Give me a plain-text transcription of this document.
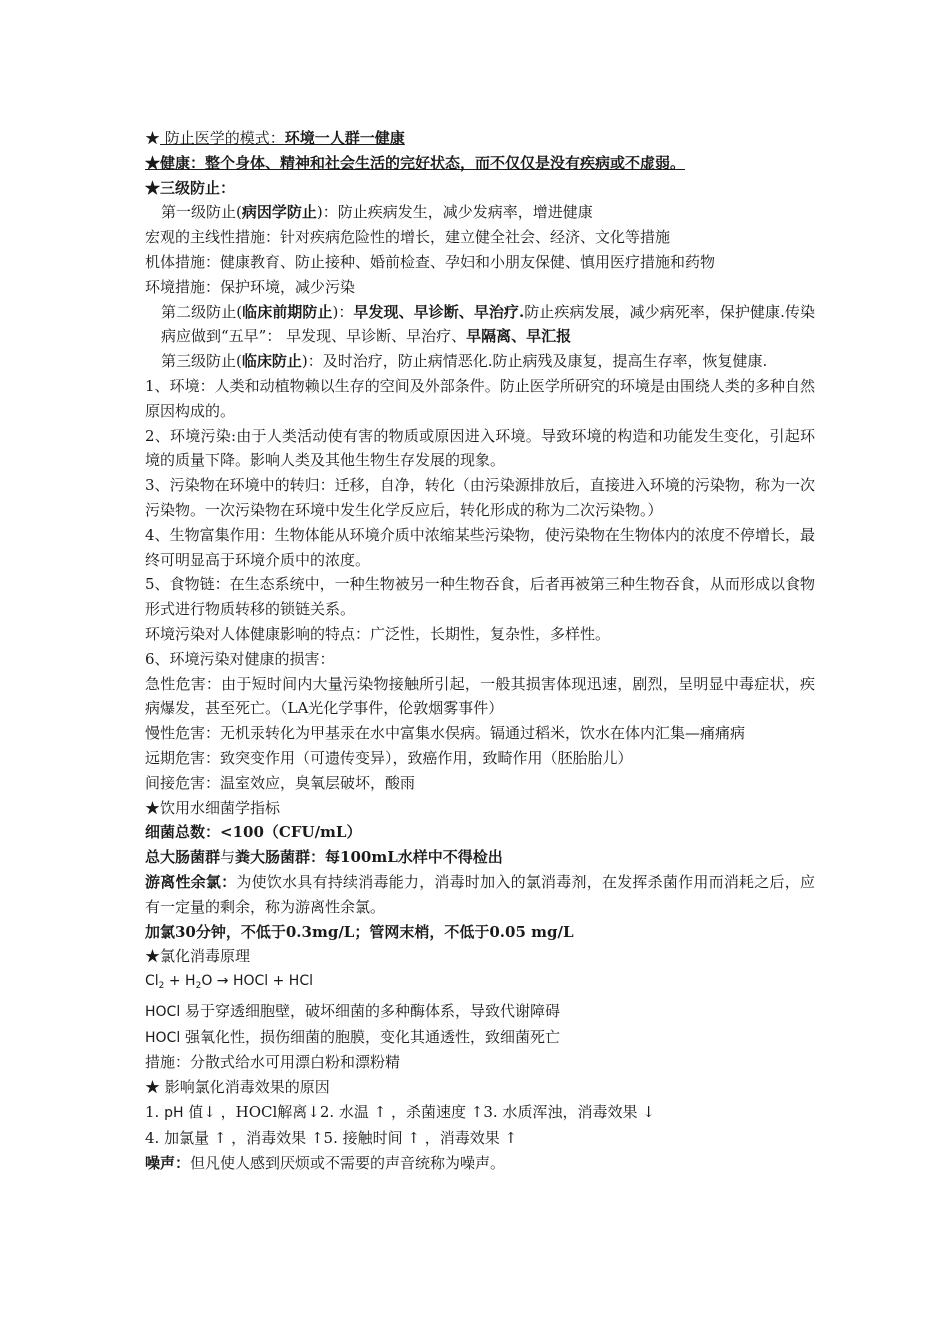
★ 防止医学的模式：环境一人群一健康
★健康：整个身体、精神和社会生活的完好状态，而不仅仅是没有疾病或不虚弱。
★三级防止：
第一级防止(病因学防止)：防止疾病发生，减少发病率，增进健康
宏观的主线性措施：针对疾病危险性的增长，建立健全社会、经济、文化等措施
机体措施：健康教育、防止接种、婚前检查、孕妇和小朋友保健、慎用医疗措施和药物
环境措施：保护环境，减少污染
第二级防止(临床前期防止)：早发现、早诊断、早治疗.防止疾病发展，减少病死率，保护健康.传染病应做到“五早”： 早发现、早诊断、早治疗、早隔离、早汇报
第三级防止(临床防止)：及时治疗，防止病情恶化.防止病残及康复，提高生存率，恢复健康.
1、环境：人类和动植物赖以生存的空间及外部条件。防止医学所研究的环境是由围绕人类的多种自然原因构成的。
2、环境污染:由于人类活动使有害的物质或原因进入环境。导致环境的构造和功能发生变化，引起环境的质量下降。影响人类及其他生物生存发展的现象。
3、污染物在环境中的转归：迁移，自净，转化（由污染源排放后，直接进入环境的污染物，称为一次污染物。一次污染物在环境中发生化学反应后，转化形成的称为二次污染物。）
4、生物富集作用：生物体能从环境介质中浓缩某些污染物，使污染物在生物体内的浓度不停增长，最终可明显高于环境介质中的浓度。
5、食物链：在生态系统中，一种生物被另一种生物吞食，后者再被第三种生物吞食，从而形成以食物形式进行物质转移的锁链关系。
环境污染对人体健康影响的特点：广泛性，长期性，复杂性，多样性。
6、环境污染对健康的损害：
急性危害：由于短时间内大量污染物接触所引起，一般其损害体现迅速，剧烈，呈明显中毒症状，疾病爆发，甚至死亡。（LA光化学事件，伦敦烟雾事件）
慢性危害：无机汞转化为甲基汞在水中富集水俣病。镉通过稻米，饮水在体内汇集—痛痛病
远期危害：致突变作用（可遗传变异），致癌作用，致畸作用（胚胎胎儿）
间接危害：温室效应，臭氧层破坏，酸雨
★饮用水细菌学指标
细菌总数：<100（CFU/mL）
总大肠菌群与粪大肠菌群：每100mL水样中不得检出
游离性余氯：为使饮水具有持续消毒能力，消毒时加入的氯消毒剂，在发挥杀菌作用而消耗之后，应有一定量的剩余，称为游离性余氯。
加氯30分钟，不低于0.3mg/L；管网末梢，不低于0.05 mg/L
★氯化消毒原理
$Cl_2 + H_2O$ → HOCl + HCl
HOCl 易于穿透细胞壁，破坏细菌的多种酶体系，导致代谢障碍
HOCl 强氧化性，损伤细菌的胞膜，变化其通透性，致细菌死亡
措施：分散式给水可用漂白粉和漂粉精
★ 影响氯化消毒效果的原因
1. pH 值↓ ，HOCl解离↓2. 水温 ↑ ，杀菌速度 ↑3. 水质浑浊，消毒效果 ↓
4. 加氯量 ↑ ，消毒效果 ↑5. 接触时间 ↑ ，消毒效果 ↑
噪声：但凡使人感到厌烦或不需要的声音统称为噪声。
